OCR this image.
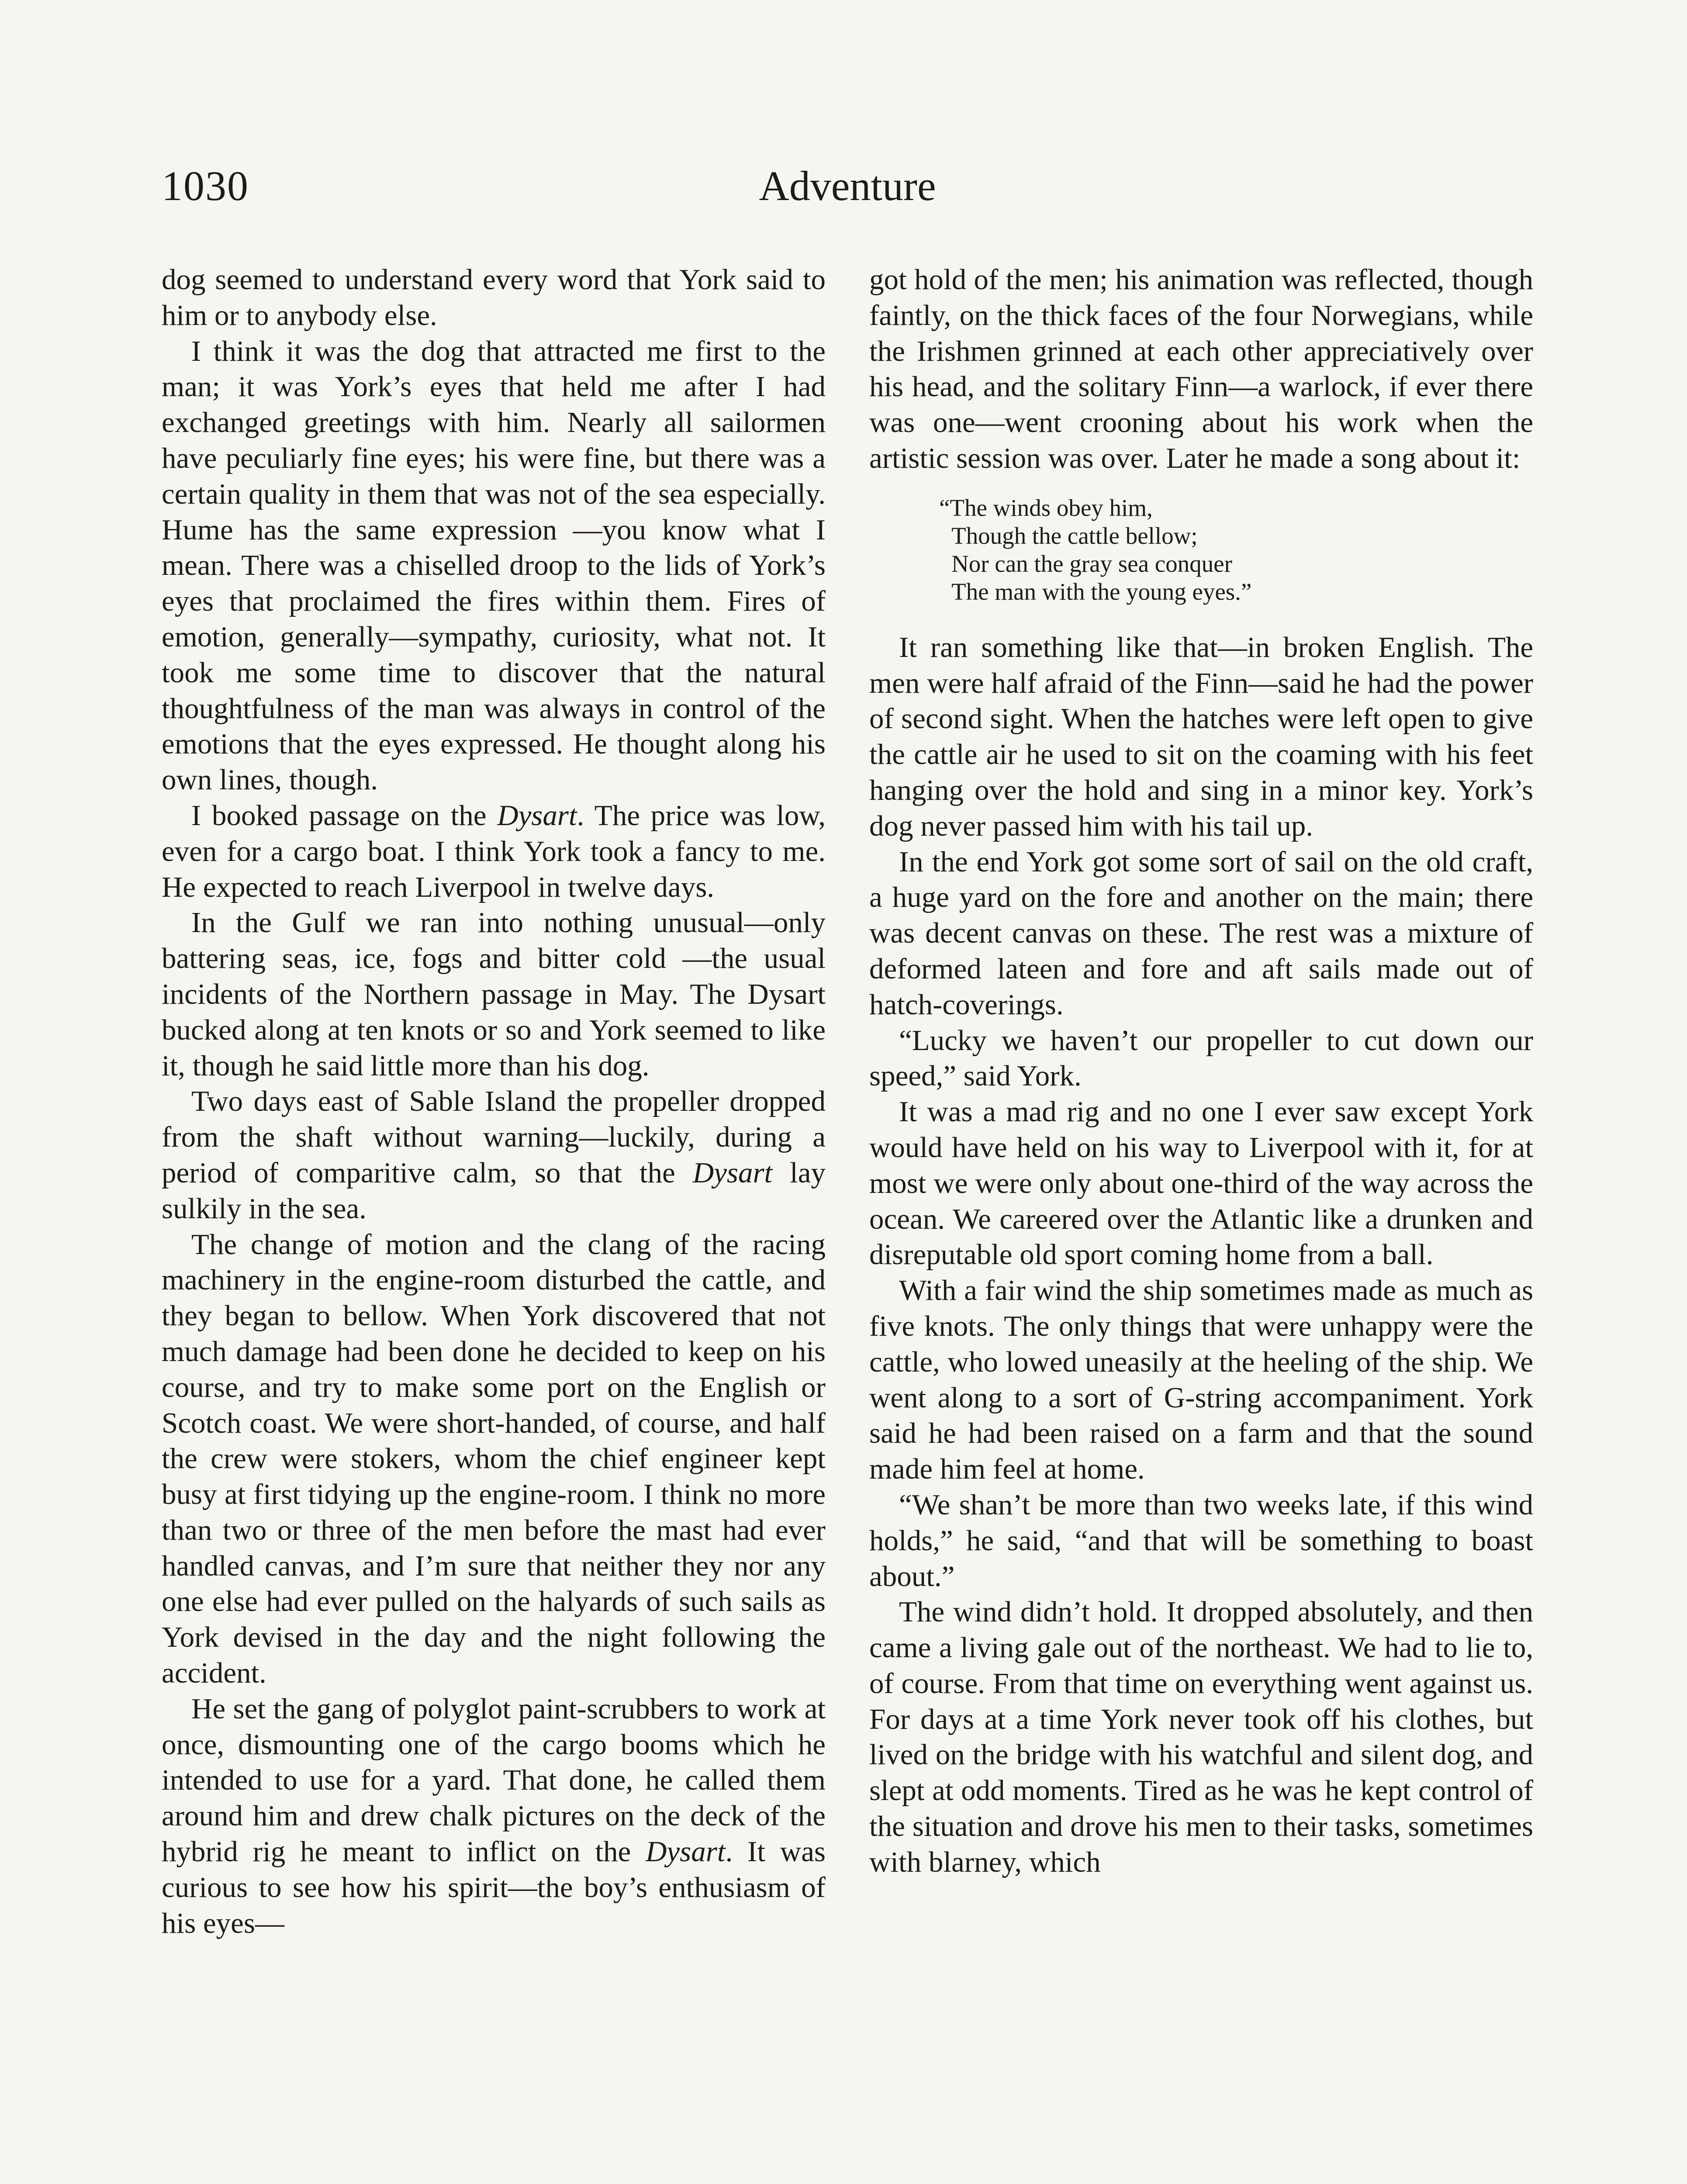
1030	Adventure

dog seemed to understand every word that York said to him or to anybody else.

I think it was the dog that attracted me first to the man; it was York’s eyes that held me after I had exchanged greetings with him. Nearly all sailormen have peculiarly fine eyes; his were fine, but there was a certain quality in them that was not of the sea especially. Hume has the same expression —you know what I mean. There was a chiselled droop to the lids of York’s eyes that proclaimed the fires within them. Fires of emotion, generally—sympathy, curiosity, what not. It took me some time to discover that the natural thoughtfulness of the man was always in control of the emotions that the eyes expressed. He thought along his own lines, though.

I booked passage on the Dysart. The price was low, even for a cargo boat. I think York took a fancy to me. He expected to reach Liverpool in twelve days.

In the Gulf we ran into nothing unusual—only battering seas, ice, fogs and bitter cold —the usual incidents of the Northern passage in May. The Dysart bucked along at ten knots or so and York seemed to like it, though he said little more than his dog.

Two days east of Sable Island the propeller dropped from the shaft without warning—luckily, during a period of comparitive calm, so that the Dysart lay sulkily in the sea.

The change of motion and the clang of the racing machinery in the engine-room disturbed the cattle, and they began to bellow. When York discovered that not much damage had been done he decided to keep on his course, and try to make some port on the English or Scotch coast. We were short-handed, of course, and half the crew were stokers, whom the chief engineer kept busy at first tidying up the engine-room. I think no more than two or three of the men before the mast had ever handled canvas, and I’m sure that neither they nor any one else had ever pulled on the halyards of such sails as York devised in the day and the night following the accident.

He set the gang of polyglot paint-scrubbers to work at once, dismounting one of the cargo booms which he intended to use for a yard. That done, he called them around him and drew chalk pictures on the deck of the hybrid rig he meant to inflict on the Dysart. It was curious to see how his spirit—the boy’s enthusiasm of his eyes—

got hold of the men; his animation was reflected, though faintly, on the thick faces of the four Norwegians, while the Irishmen grinned at each other appreciatively over his head, and the solitary Finn—a warlock, if ever there was one—went crooning about his work when the artistic session was over. Later he made a song about it:

“The winds obey him,
Though the cattle bellow;
Nor can the gray sea conquer
The man with the young eyes.”

It ran something like that—in broken English. The men were half afraid of the Finn—said he had the power of second sight. When the hatches were left open to give the cattle air he used to sit on the coaming with his feet hanging over the hold and sing in a minor key. York’s dog never passed him with his tail up.

In the end York got some sort of sail on the old craft, a huge yard on the fore and another on the main; there was decent canvas on these. The rest was a mixture of deformed lateen and fore and aft sails made out of hatch-coverings.

“Lucky we haven’t our propeller to cut down our speed,” said York.

It was a mad rig and no one I ever saw except York would have held on his way to Liverpool with it, for at most we were only about one-third of the way across the ocean. We careered over the Atlantic like a drunken and disreputable old sport coming home from a ball.

With a fair wind the ship sometimes made as much as five knots. The only things that were unhappy were the cattle, who lowed uneasily at the heeling of the ship. We went along to a sort of G-string accompaniment. York said he had been raised on a farm and that the sound made him feel at home.

“We shan’t be more than two weeks late, if this wind holds,” he said, “and that will be something to boast about.”

The wind didn’t hold. It dropped absolutely, and then came a living gale out of the northeast. We had to lie to, of course. From that time on everything went against us. For days at a time York never took off his clothes, but lived on the bridge with his watchful and silent dog, and slept at odd moments. Tired as he was he kept control of the situation and drove his men to their tasks, sometimes with blarney, which
